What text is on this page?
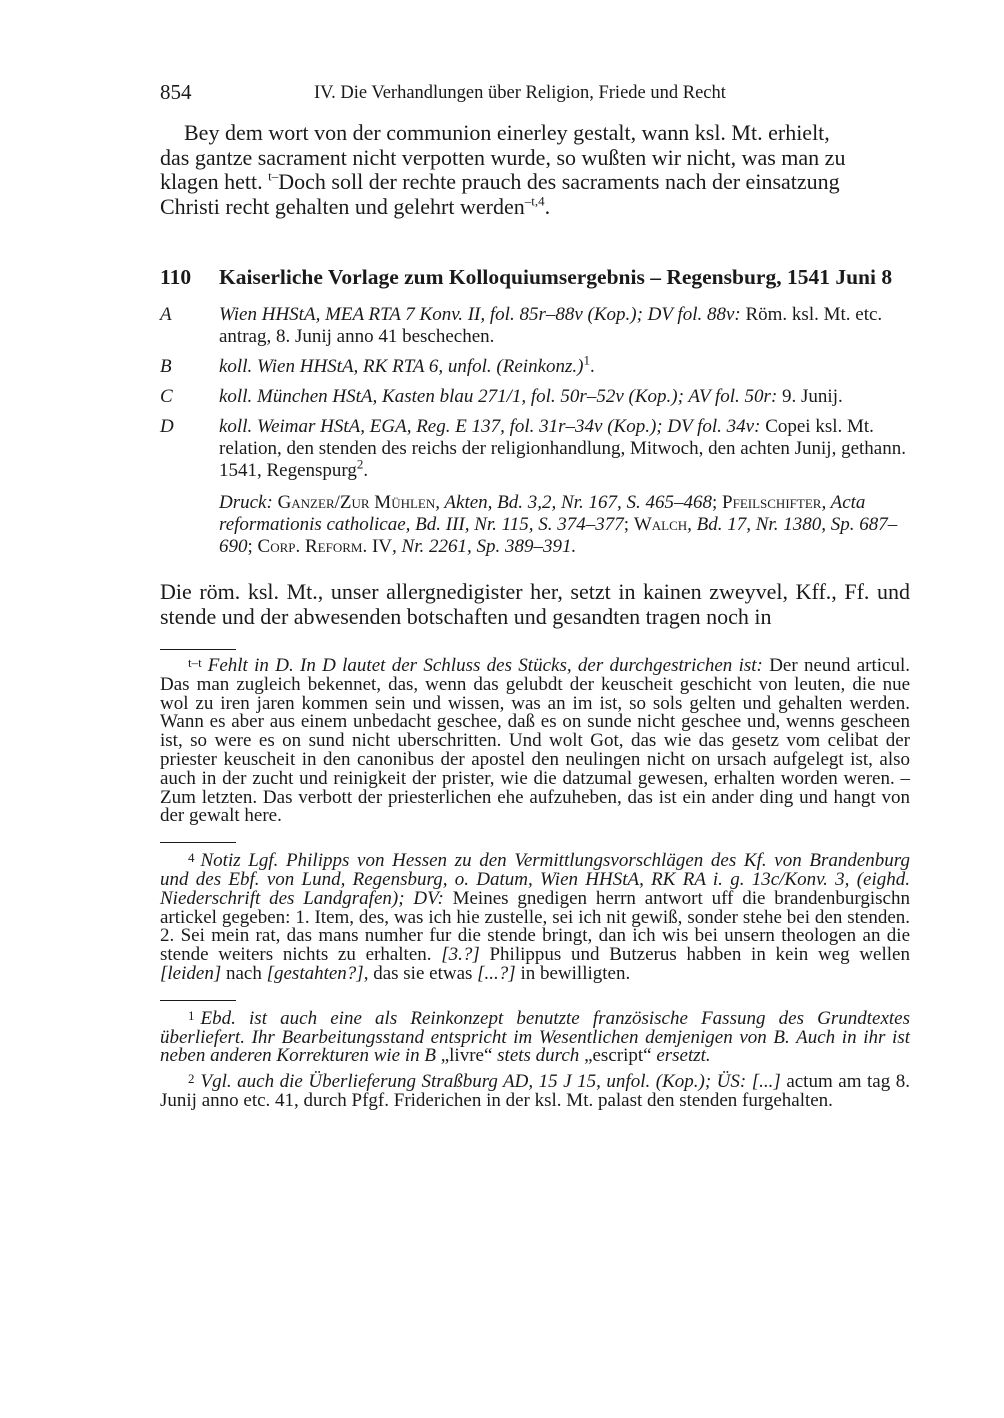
854	IV. Die Verhandlungen über Religion, Friede und Recht
Bey dem wort von der communion einerley gestalt, wann ksl. Mt. erhielt,
das gantze sacrament nicht verpotten wurde, so wußten wir nicht, was man zu
klagen hett. $^{t-}$Doch soll der rechte prauch des sacraments nach der einsatzung
Christi recht gehalten und gelehrt werden$^{-t,4}$.
110	Kaiserliche Vorlage zum Kolloquiumsergebnis – Regensburg, 1541 Juni 8
A	Wien HHStA, MEA RTA 7 Konv. II, fol. 85r–88v (Kop.); DV fol. 88v: Röm. ksl. Mt. etc. antrag, 8. Junij anno 41 beschechen.
B	koll. Wien HHStA, RK RTA 6, unfol. (Reinkonz.)$^1$.
C	koll. München HStA, Kasten blau 271/1, fol. 50r–52v (Kop.); AV fol. 50r: 9. Junij.
D	koll. Weimar HStA, EGA, Reg. E 137, fol. 31r–34v (Kop.); DV fol. 34v: Copei ksl. Mt. relation, den stenden des reichs der religionhandlung, Mitwoch, den achten Junij, gethann. 1541, Regenspurg$^2$.
Druck: Ganzer/Zur Mühlen, Akten, Bd. 3,2, Nr. 167, S. 465–468; Pfeilschifter, Acta reformationis catholicae, Bd. III, Nr. 115, S. 374–377; Walch, Bd. 17, Nr. 1380, Sp. 687–690; Corp. Reform. IV, Nr. 2261, Sp. 389–391.
Die röm. ksl. Mt., unser allergnedigister her, setzt in kainen zweyvel, Kff., Ff. und stende und der abwesenden botschaften und gesandten tragen noch in

$^{t-t}$ Fehlt in D. In D lautet der Schluss des Stücks, der durchgestrichen ist: Der neund articul. Das man zugleich bekennet, das, wenn das gelubdt der keuscheit geschicht von leuten, die nue wol zu iren jaren kommen sein und wissen, was an im ist, so sols gelten und gehalten werden. Wann es aber aus einem unbedacht geschee, daß es on sunde nicht geschee und, wenns gescheen ist, so were es on sund nicht uberschritten. Und wolt Got, das wie das gesetz vom celibat der priester keuscheit in den canonibus der apostel den neulingen nicht on ursach aufgelegt ist, also auch in der zucht und reinigkeit der prister, wie die datzumal gewesen, erhalten worden weren. – Zum letzten. Das verbott der priesterlichen ehe aufzuheben, das ist ein ander ding und hangt von der gewalt here.

$^4$ Notiz Lgf. Philipps von Hessen zu den Vermittlungsvorschlägen des Kf. von Brandenburg und des Ebf. von Lund, Regensburg, o. Datum, Wien HHStA, RK RA i. g. 13c/Konv. 3, (eighd. Niederschrift des Landgrafen); DV: Meines gnedigen herrn antwort uff die brandenburgischn artickel gegeben: 1. Item, des, was ich hie zustelle, sei ich nit gewiß, sonder stehe bei den stenden. 2. Sei mein rat, das mans numher fur die stende bringt, dan ich wis bei unsern theologen an die stende weiters nichts zu erhalten. [3.?] Philippus und Butzerus habben in kein weg wellen [leiden] nach [gestahten?], das sie etwas [...?] in bewilligten.

$^1$ Ebd. ist auch eine als Reinkonzept benutzte französische Fassung des Grundtextes überliefert. Ihr Bearbeitungsstand entspricht im Wesentlichen demjenigen von B. Auch in ihr ist neben anderen Korrekturen wie in B „livre“ stets durch „escript“ ersetzt.

$^2$ Vgl. auch die Überlieferung Straßburg AD, 15 J 15, unfol. (Kop.); ÜS: [...] actum am tag 8. Junij anno etc. 41, durch Pfgf. Friderichen in der ksl. Mt. palast den stenden furgehalten.
